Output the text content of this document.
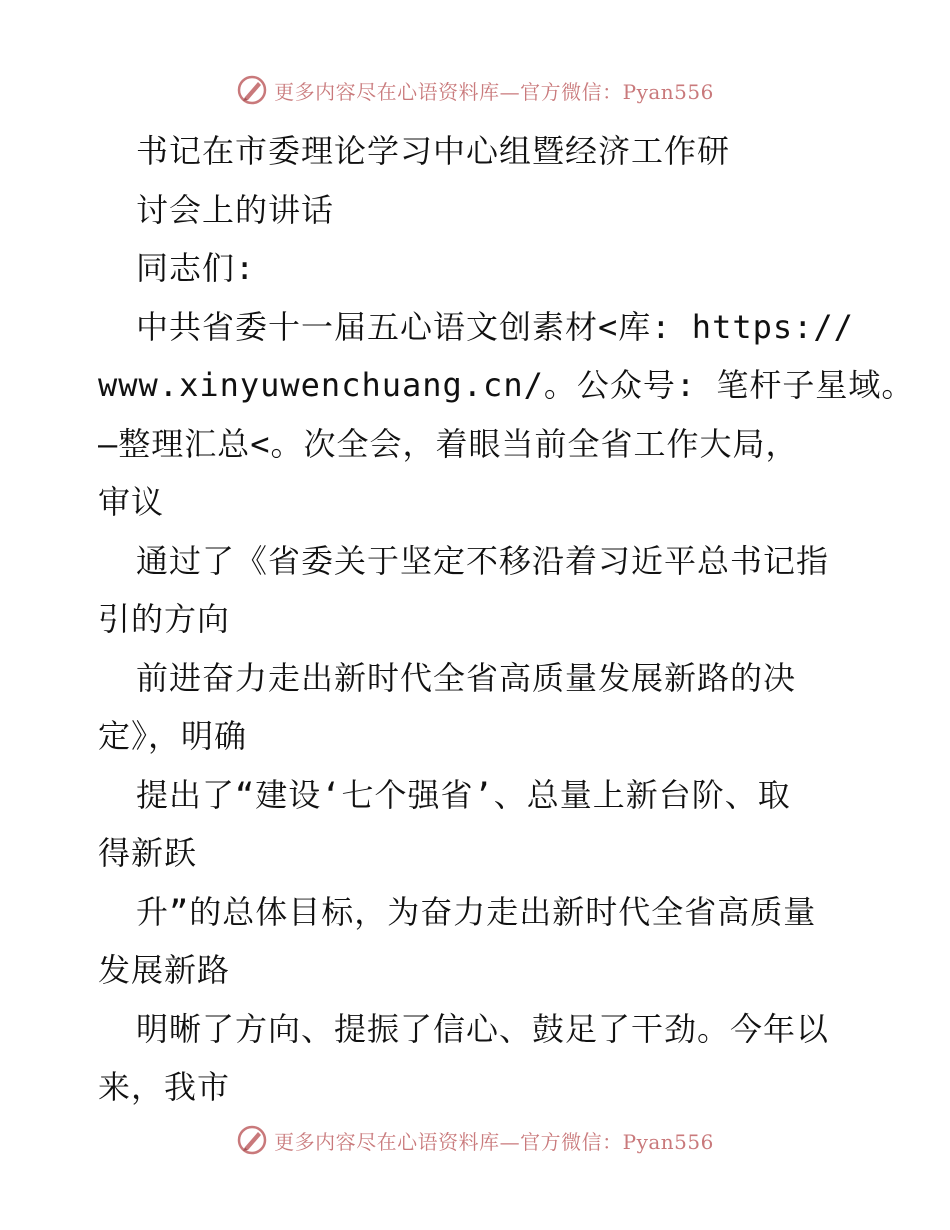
更多内容尽在心语资料库—官方微信：Pyan556
书记在市委理论学习中心组暨经济工作研
讨会上的讲话
同志们:
中共省委十一届五心语文创素材<库: https://
www.xinyuwenchuang.cn/。公众号: 笔杆子星域。
—整理汇总<。次全会，着眼当前全省工作大局，
审议
通过了《省委关于坚定不移沿着习近平总书记指
引的方向
前进奋力走出新时代全省高质量发展新路的决
定》，明确
提出了“建设‘七个强省’、总量上新台阶、取
得新跃
升”的总体目标，为奋力走出新时代全省高质量
发展新路
明晰了方向、提振了信心、鼓足了干劲。今年以
来，我市
更多内容尽在心语资料库—官方微信：Pyan556
